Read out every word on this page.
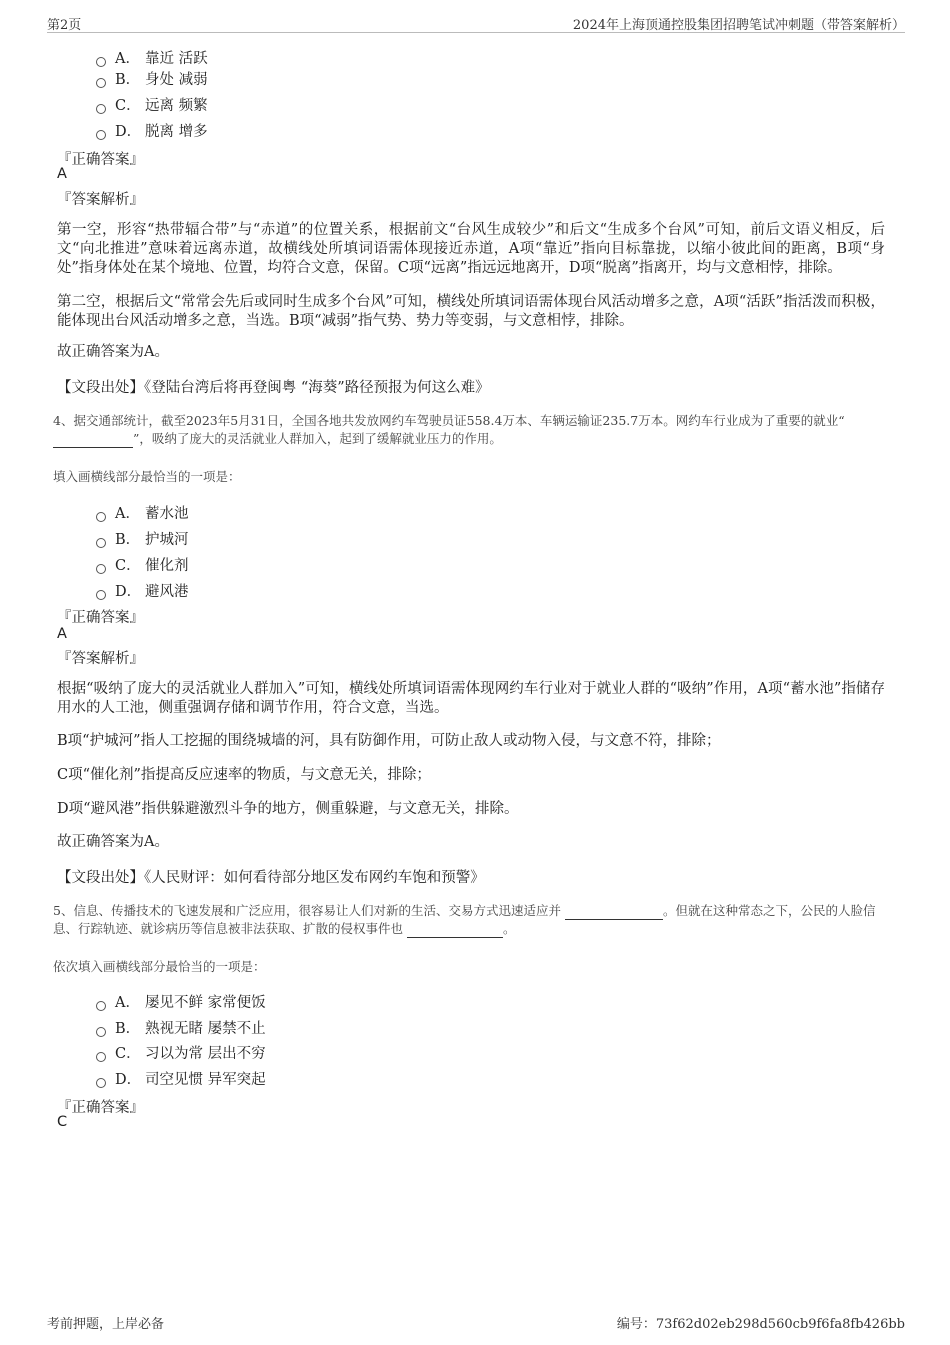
第2页	2024年上海顶通控股集团招聘笔试冲刺题（带答案解析）
A． 靠近 活跃
B． 身处 减弱
C． 远离 频繁
D． 脱离 增多
『正确答案』
A
『答案解析』
第一空，形容“热带辐合带”与“赤道”的位置关系，根据前文“台风生成较少”和后文“生成多个台风”可知，前后文语义相反，后文“向北推进”意味着远离赤道，故横线处所填词语需体现接近赤道，A项“靠近”指向目标靠拢，以缩小彼此间的距离，B项“身处”指身体处在某个境地、位置，均符合文意，保留。C项“远离”指远远地离开，D项“脱离”指离开，均与文意相悖，排除。
第二空，根据后文“常常会先后或同时生成多个台风”可知，横线处所填词语需体现台风活动增多之意，A项“活跃”指活泼而积极，能体现出台风活动增多之意，当选。B项“减弱”指气势、势力等变弱，与文意相悖，排除。
故正确答案为A。
【文段出处】《登陆台湾后将再登闽粤 “海葵”路径预报为何这么难》
4、据交通部统计，截至2023年5月31日，全国各地共发放网约车驾驶员证558.4万本、车辆运输证235.7万本。网约车行业成为了重要的就业“
”，吸纳了庞大的灵活就业人群加入，起到了缓解就业压力的作用。
填入画横线部分最恰当的一项是：
A． 蓄水池
B． 护城河
C． 催化剂
D． 避风港
『正确答案』
A
『答案解析』
根据“吸纳了庞大的灵活就业人群加入”可知，横线处所填词语需体现网约车行业对于就业人群的“吸纳”作用，A项“蓄水池”指储存用水的人工池，侧重强调存储和调节作用，符合文意，当选。
B项“护城河”指人工挖掘的围绕城墙的河，具有防御作用，可防止敌人或动物入侵，与文意不符，排除；
C项“催化剂”指提高反应速率的物质，与文意无关，排除；
D项“避风港”指供躲避激烈斗争的地方，侧重躲避，与文意无关，排除。
故正确答案为A。
【文段出处】《人民财评：如何看待部分地区发布网约车饱和预警》
5、信息、传播技术的飞速发展和广泛应用，很容易让人们对新的生活、交易方式迅速适应并	。但就在这种常态之下，公民的人脸信息、行踪轨迹、就诊病历等信息被非法获取、扩散的侵权事件也	。
依次填入画横线部分最恰当的一项是：
A． 屡见不鲜 家常便饭
B． 熟视无睹 屡禁不止
C． 习以为常 层出不穷
D． 司空见惯 异军突起
『正确答案』
C
考前押题，上岸必备	编号：73f62d02eb298d560cb9f6fa8fb426bb
